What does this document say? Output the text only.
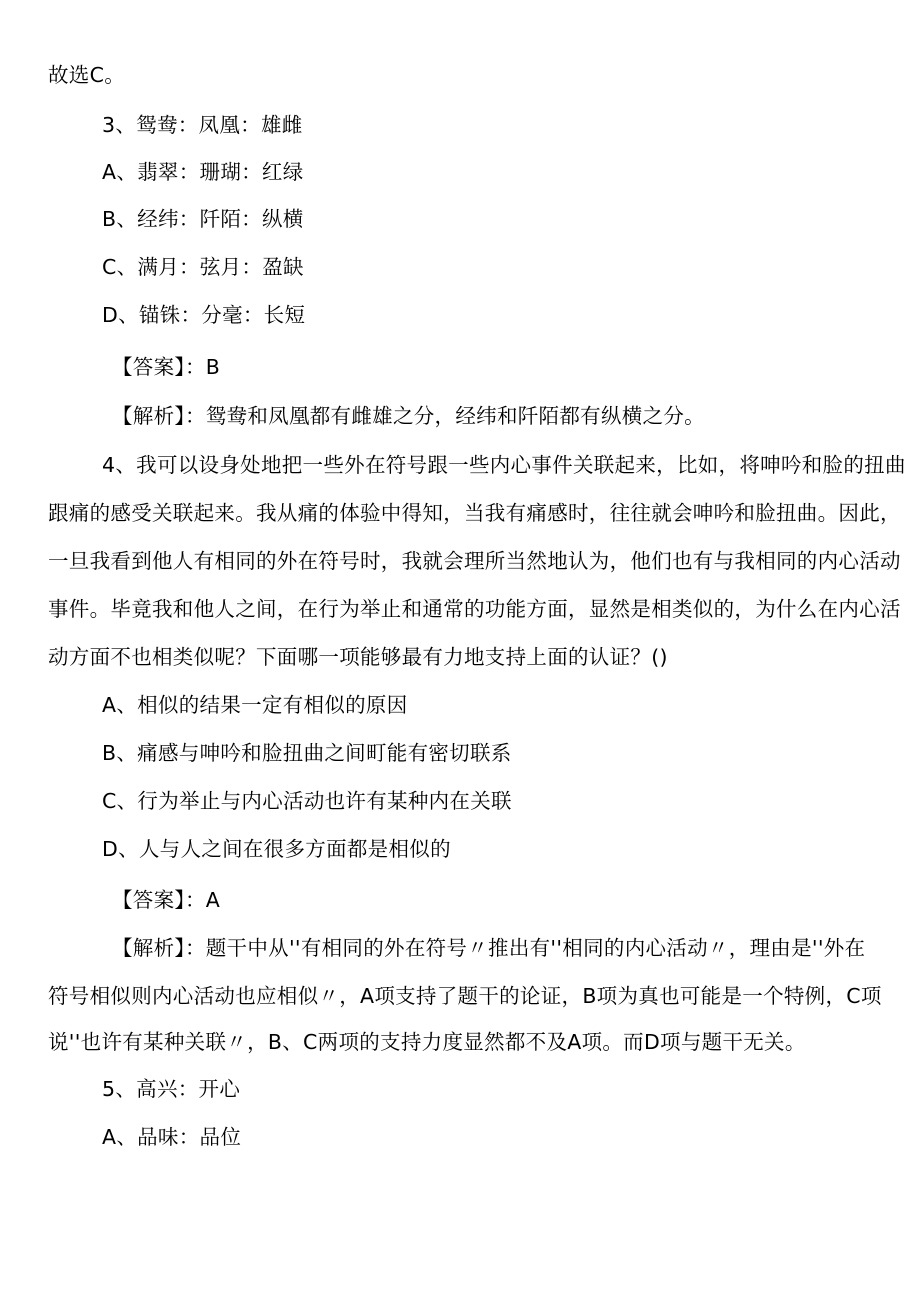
故选C。
3、鸳鸯：凤凰：雄雌
A、翡翠：珊瑚：红绿
B、经纬：阡陌：纵横
C、满月：弦月：盈缺
D、锚铢：分毫：长短
【答案】：B
【解析】：鸳鸯和凤凰都有雌雄之分，经纬和阡陌都有纵横之分。
4、我可以设身处地把一些外在符号跟一些内心事件关联起来，比如，将呻吟和脸的扭曲
跟痛的感受关联起来。我从痛的体验中得知，当我有痛感时，往往就会呻吟和脸扭曲。因此，
一旦我看到他人有相同的外在符号时，我就会理所当然地认为，他们也有与我相同的内心活动
事件。毕竟我和他人之间，在行为举止和通常的功能方面，显然是相类似的，为什么在内心活
动方面不也相类似呢？下面哪一项能够最有力地支持上面的认证？()
A、相似的结果一定有相似的原因
B、痛感与呻吟和脸扭曲之间町能有密切联系
C、行为举止与内心活动也许有某种内在关联
D、人与人之间在很多方面都是相似的
【答案】：A
【解析】：题干中从''有相同的外在符号〃推出有''相同的内心活动〃，理由是''外在
符号相似则内心活动也应相似〃，A项支持了题干的论证，B项为真也可能是一个特例，C项
说''也许有某种关联〃，B、C两项的支持力度显然都不及A项。而D项与题干无关。
5、高兴：开心
A、品味：品位
